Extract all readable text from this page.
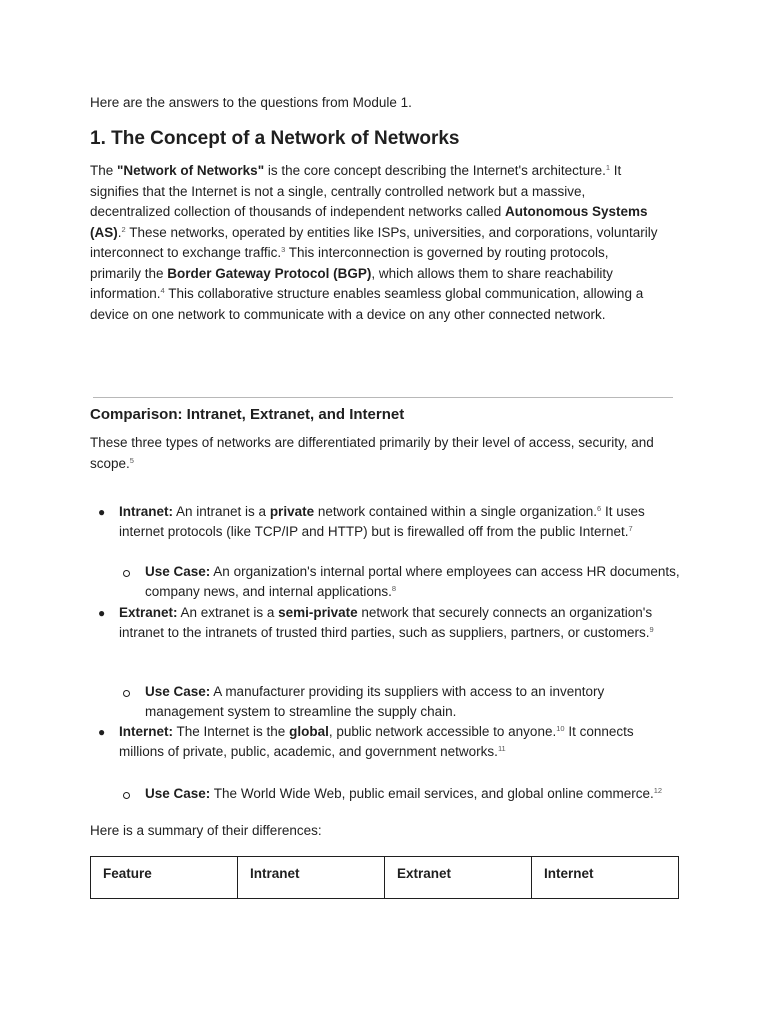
Here are the answers to the questions from Module 1.

1. The Concept of a Network of Networks

The "Network of Networks" is the core concept describing the Internet's architecture.$^1$ It signifies that the Internet is not a single, centrally controlled network but a massive, decentralized collection of thousands of independent networks called Autonomous Systems (AS).$^2$ These networks, operated by entities like ISPs, universities, and corporations, voluntarily interconnect to exchange traffic.$^3$ This interconnection is governed by routing protocols, primarily the Border Gateway Protocol (BGP), which allows them to share reachability information.$^4$ This collaborative structure enables seamless global communication, allowing a device on one network to communicate with a device on any other connected network.

Comparison: Intranet, Extranet, and Internet

These three types of networks are differentiated primarily by their level of access, security, and scope.$^5$

● Intranet: An intranet is a private network contained within a single organization.$^6$ It uses internet protocols (like TCP/IP and HTTP) but is firewalled off from the public Internet.$^7$

Use Case: An organization's internal portal where employees can access HR documents, company news, and internal applications.$^8$

● Extranet: An extranet is a semi-private network that securely connects an organization's intranet to the intranets of trusted third parties, such as suppliers, partners, or customers.$^9$

Use Case: A manufacturer providing its suppliers with access to an inventory management system to streamline the supply chain.

● Internet: The Internet is the global, public network accessible to anyone.$^{10}$ It connects millions of private, public, academic, and government networks.$^{11}$

Use Case: The World Wide Web, public email services, and global online commerce.$^{12}$

Here is a summary of their differences:

Feature	Intranet	Extranet	Internet
